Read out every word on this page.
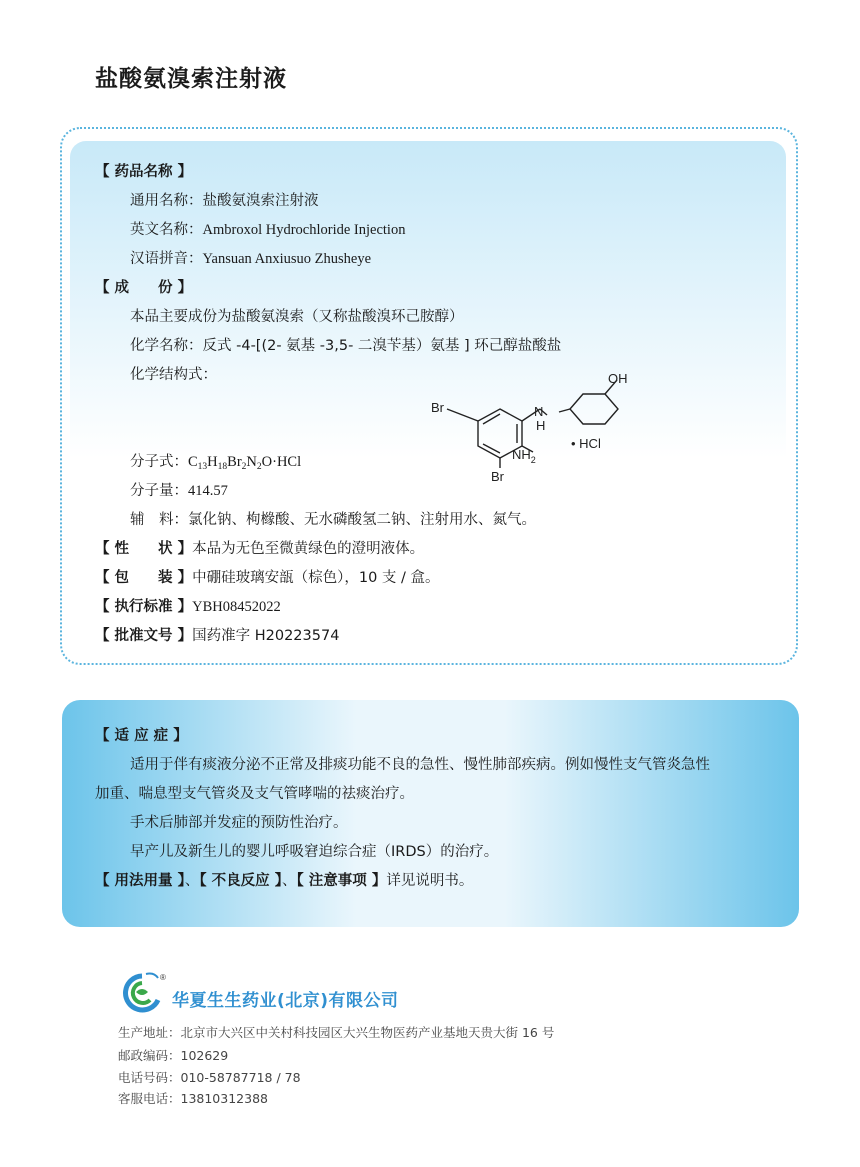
盐酸氨溴索注射液
【 药品名称 】
通用名称：盐酸氨溴索注射液
英文名称：Ambroxol Hydrochloride Injection
汉语拼音：Yansuan Anxiusuo Zhusheye
【 成　　份 】
本品主要成份为盐酸氨溴索（又称盐酸溴环己胺醇）
化学名称：反式 -4-[(2- 氨基 -3,5- 二溴苄基）氨基 ] 环己醇盐酸盐
化学结构式：
Br
Br
N
H
$NH_2$
OH
• HCl
分子式：$C_{13}H_{18}Br_2N_2O\cdot HCl$
分子量：414.57
辅　料：氯化钠、枸橼酸、无水磷酸氢二钠、注射用水、氮气。
【 性　　状 】本品为无色至微黄绿色的澄明液体。
【 包　　装 】中硼硅玻璃安瓿（棕色），10 支 / 盒。
【 执行标准 】YBH08452022
【 批准文号 】国药准字 H20223574
【 适 应 症 】
适用于伴有痰液分泌不正常及排痰功能不良的急性、慢性肺部疾病。例如慢性支气管炎急性
加重、喘息型支气管炎及支气管哮喘的祛痰治疗。
手术后肺部并发症的预防性治疗。
早产儿及新生儿的婴儿呼吸窘迫综合症（IRDS）的治疗。
【 用法用量 】、【 不良反应 】、【 注意事项 】详见说明书。
®
华夏生生药业(北京)有限公司
生产地址：北京市大兴区中关村科技园区大兴生物医药产业基地天贵大街 16 号
邮政编码：102629
电话号码：010-58787718 / 78
客服电话：13810312388
